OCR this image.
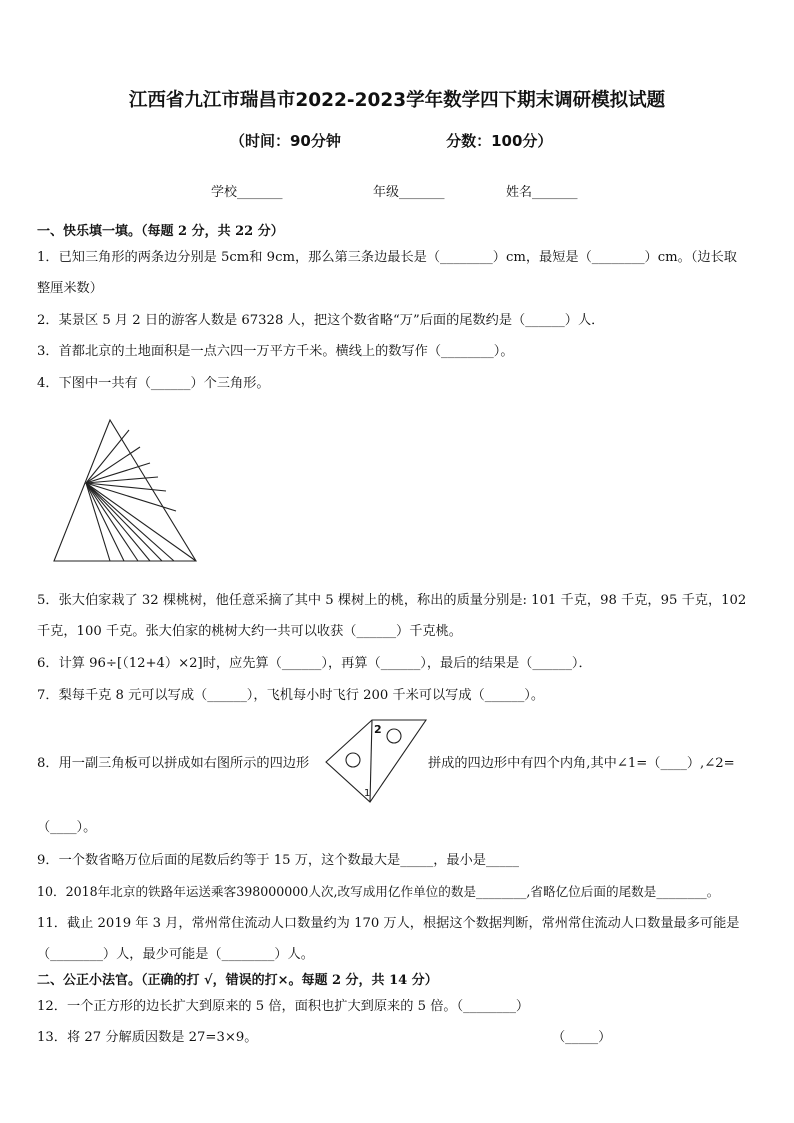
江西省九江市瑞昌市2022-2023学年数学四下期末调研模拟试题
（时间：90分钟	分数：100分）
学校_______	年级_______	姓名_______
一、快乐填一填。（每题 2 分，共 22 分）
1．已知三角形的两条边分别是 5cm和 9cm，那么第三条边最长是（________）cm，最短是（________）cm。（边长取
整厘米数）
2．某景区 5 月 2 日的游客人数是 67328 人，把这个数省略“万”后面的尾数约是（______）人．
3．首都北京的土地面积是一点六四一万平方千米。横线上的数写作（________）。
4．下图中一共有（______）个三角形。
5．张大伯家栽了 32 棵桃树，他任意采摘了其中 5 棵树上的桃，称出的质量分别是: 101 千克，98 千克，95 千克，102
千克，100 千克。张大伯家的桃树大约一共可以收获（______）千克桃。
6．计算 96÷[（12+4）×2]时，应先算（______），再算（______），最后的结果是（______）．
7．梨每千克 8 元可以写成（______），飞机每小时飞行 200 千米可以写成（______）。
8．用一副三角板可以拼成如右图所示的四边形
2
1
拼成的四边形中有四个内角,其中∠1=（____）,∠2=
（____）。
9．一个数省略万位后面的尾数后约等于 15 万，这个数最大是_____，最小是_____
10．2018年北京的铁路年运送乘客398000000人次,改写成用亿作单位的数是________,省略亿位后面的尾数是________。
11．截止 2019 年 3 月，常州常住流动人口数量约为 170 万人，根据这个数据判断，常州常住流动人口数量最多可能是
（________）人，最少可能是（________）人。
二、公正小法官。（正确的打 √，错误的打×。每题 2 分，共 14 分）
12．一个正方形的边长扩大到原来的 5 倍，面积也扩大到原来的 5 倍。（________）
13．将 27 分解质因数是 27=3×9。	（_____）
